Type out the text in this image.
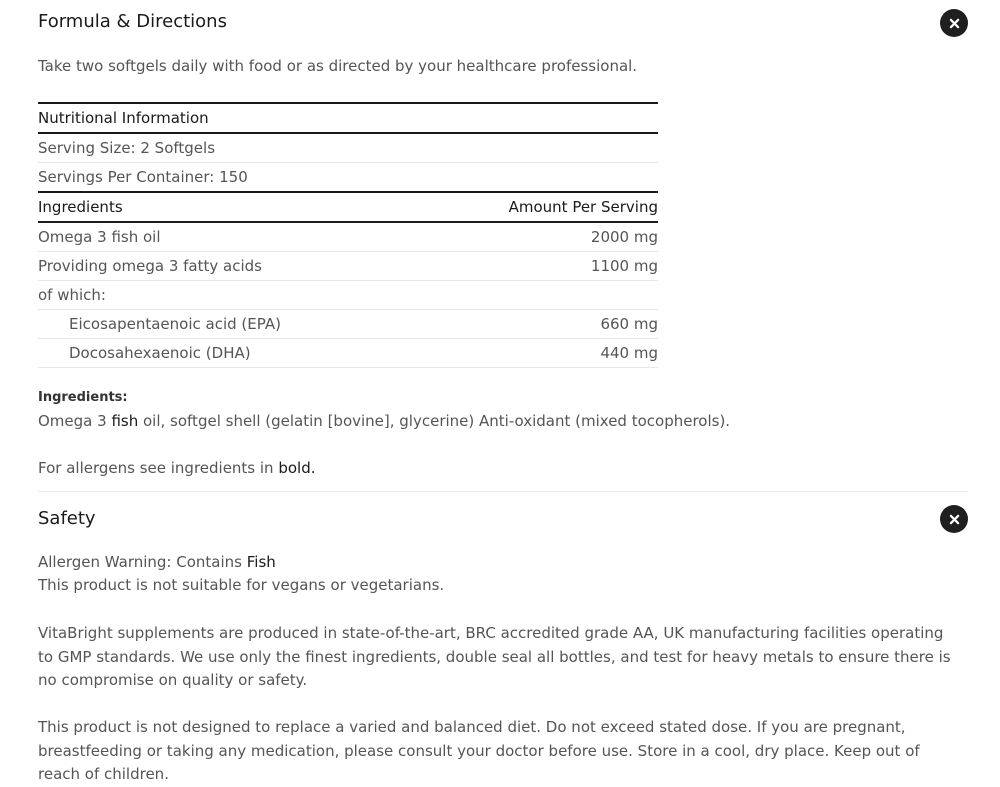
Formula & Directions

Take two softgels daily with food or as directed by your healthcare professional.

Nutritional Information	
Serving Size: 2 Softgels	
Servings Per Container: 150	
Ingredients	Amount Per Serving
Omega 3 fish oil	2000 mg
Providing omega 3 fatty acids	1100 mg
of which:	
Eicosapentaenoic acid (EPA)	660 mg
Docosahexaenoic (DHA)	440 mg

Ingredients:

Omega 3 fish oil, softgel shell (gelatin [bovine], glycerine) Anti-oxidant (mixed tocopherols).

For allergens see ingredients in bold.

Safety

Allergen Warning: Contains Fish

This product is not suitable for vegans or vegetarians.

VitaBright supplements are produced in state-of-the-art, BRC accredited grade AA, UK manufacturing facilities operating to GMP standards. We use only the finest ingredients, double seal all bottles, and test for heavy metals to ensure there is no compromise on quality or safety.

This product is not designed to replace a varied and balanced diet. Do not exceed stated dose. If you are pregnant, breastfeeding or taking any medication, please consult your doctor before use. Store in a cool, dry place. Keep out of reach of children.
